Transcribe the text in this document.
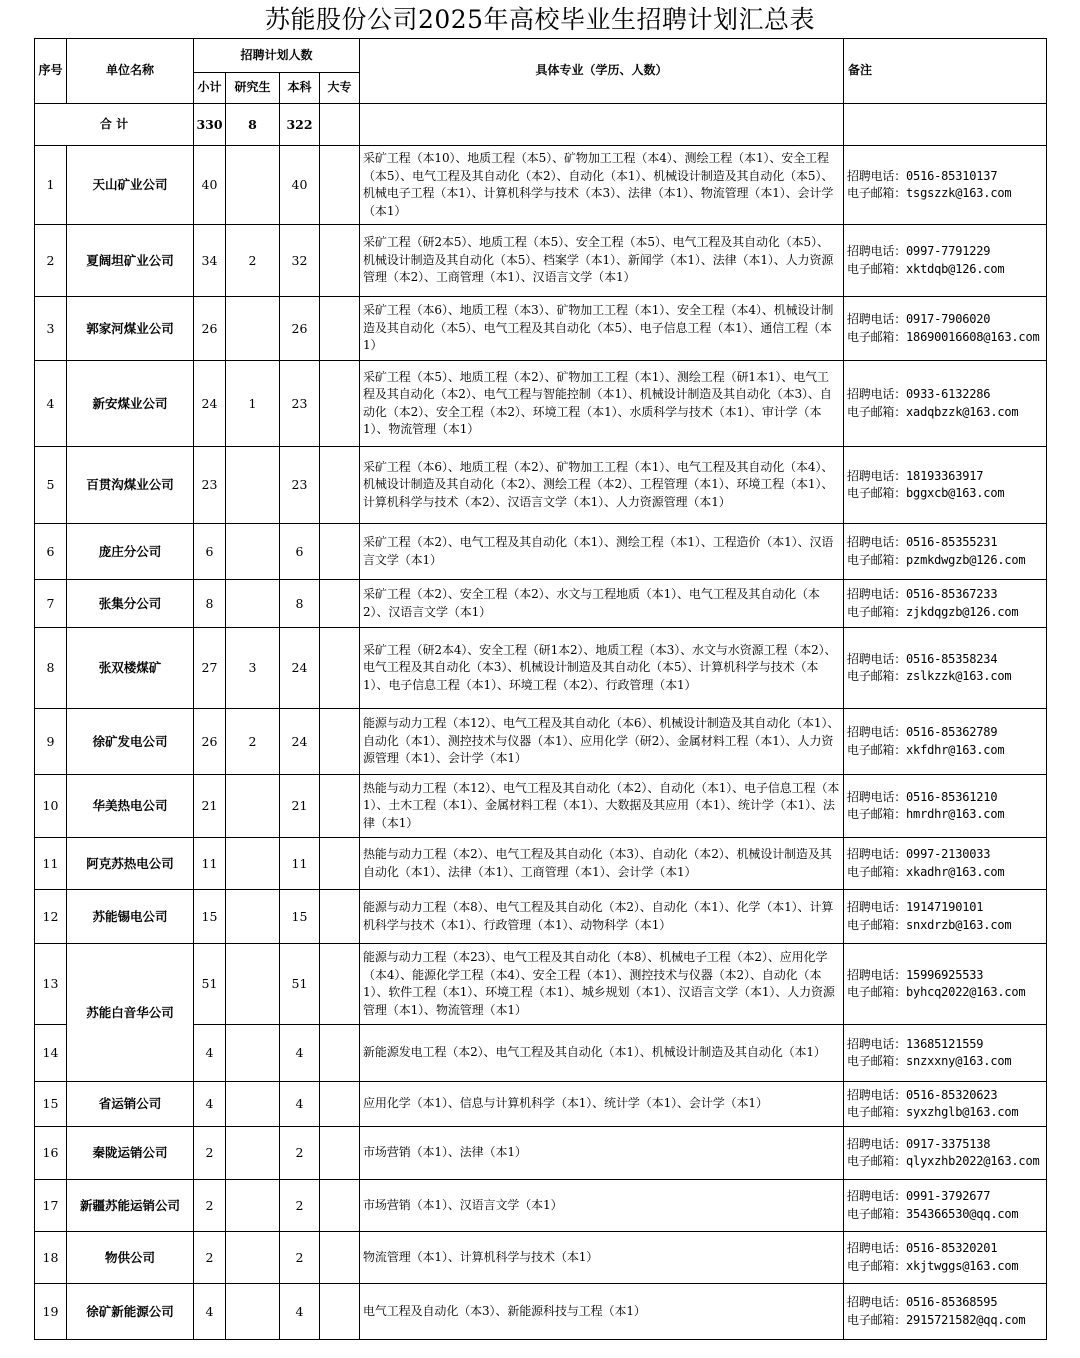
苏能股份公司2025年高校毕业生招聘计划汇总表
序号	单位名称	招聘计划人数				具体专业（学历、人数）	备注
		小计	研究生	本科	大专		
合 计		330	8	322			
1	天山矿业公司	40		40		采矿工程（本10）、地质工程（本5）、矿物加工工程（本4）、测绘工程（本1）、安全工程（本5）、电气工程及其自动化（本2）、自动化（本1）、机械设计制造及其自动化（本5）、机械电子工程（本1）、计算机科学与技术（本3）、法律（本1）、物流管理（本1）、会计学（本1）	招聘电话：0516-85310137
电子邮箱：tsgszzk@163.com

2	夏阔坦矿业公司	34	2	32		采矿工程（研2本5）、地质工程（本5）、安全工程（本5）、电气工程及其自动化（本5）、机械设计制造及其自动化（本5）、档案学（本1）、新闻学（本1）、法律（本1）、人力资源管理（本2）、工商管理（本1）、汉语言文学（本1）	招聘电话：0997-7791229
电子邮箱：xktdqb@126.com

3	郭家河煤业公司	26		26		采矿工程（本6）、地质工程（本3）、矿物加工工程（本1）、安全工程（本4）、机械设计制造及其自动化（本5）、电气工程及其自动化（本5）、电子信息工程（本1）、通信工程（本1）	招聘电话：0917-7906020
电子邮箱：18690016608@163.com

4	新安煤业公司	24	1	23		采矿工程（本5）、地质工程（本2）、矿物加工工程（本1）、测绘工程（研1本1）、电气工程及其自动化（本2）、电气工程与智能控制（本1）、机械设计制造及其自动化（本3）、自动化（本2）、安全工程（本2）、环境工程（本1）、水质科学与技术（本1）、审计学（本1）、物流管理（本1）	招聘电话：0933-6132286
电子邮箱：xadqbzzk@163.com

5	百贯沟煤业公司	23		23		采矿工程（本6）、地质工程（本2）、矿物加工工程（本1）、电气工程及其自动化（本4）、机械设计制造及其自动化（本2）、测绘工程（本2）、工程管理（本1）、环境工程（本1）、计算机科学与技术（本2）、汉语言文学（本1）、人力资源管理（本1）	招聘电话：18193363917
电子邮箱：bggxcb@163.com

6	庞庄分公司	6		6		采矿工程（本2）、电气工程及其自动化（本1）、测绘工程（本1）、工程造价（本1）、汉语言文学（本1）	招聘电话：0516-85355231
电子邮箱：pzmkdwgzb@126.com

7	张集分公司	8		8		采矿工程（本2）、安全工程（本2）、水文与工程地质（本1）、电气工程及其自动化（本2）、汉语言文学（本1）	招聘电话：0516-85367233
电子邮箱：zjkdqgzb@126.com

8	张双楼煤矿	27	3	24		采矿工程（研2本4）、安全工程（研1本2）、地质工程（本3）、水文与水资源工程（本2）、电气工程及其自动化（本3）、机械设计制造及其自动化（本5）、计算机科学与技术（本1）、电子信息工程（本1）、环境工程（本2）、行政管理（本1）	招聘电话：0516-85358234
电子邮箱：zslkzzk@163.com

9	徐矿发电公司	26	2	24		能源与动力工程（本12）、电气工程及其自动化（本6）、机械设计制造及其自动化（本1）、自动化（本1）、测控技术与仪器（本1）、应用化学（研2）、金属材料工程（本1）、人力资源管理（本1）、会计学（本1）	招聘电话：0516-85362789
电子邮箱：xkfdhr@163.com

10	华美热电公司	21		21		热能与动力工程（本12）、电气工程及其自动化（本2）、自动化（本1）、电子信息工程（本1）、土木工程（本1）、金属材料工程（本1）、大数据及其应用（本1）、统计学（本1）、法律（本1）	招聘电话：0516-85361210
电子邮箱：hmrdhr@163.com

11	阿克苏热电公司	11		11		热能与动力工程（本2）、电气工程及其自动化（本3）、自动化（本2）、机械设计制造及其自动化（本1）、法律（本1）、工商管理（本1）、会计学（本1）	招聘电话：0997-2130033
电子邮箱：xkadhr@163.com

12	苏能锡电公司	15		15		能源与动力工程（本8）、电气工程及其自动化（本2）、自动化（本1）、化学（本1）、计算机科学与技术（本1）、行政管理（本1）、动物科学（本1）	招聘电话：19147190101
电子邮箱：snxdrzb@163.com

13	苏能白音华公司	51		51		能源与动力工程（本23）、电气工程及其自动化（本8）、机械电子工程（本2）、应用化学（本4）、能源化学工程（本4）、安全工程（本1）、测控技术与仪器（本2）、自动化（本1）、软件工程（本1）、环境工程（本1）、城乡规划（本1）、汉语言文学（本1）、人力资源管理（本1）、物流管理（本1）	招聘电话：15996925533
电子邮箱：byhcq2022@163.com

14		4		4		新能源发电工程（本2）、电气工程及其自动化（本1）、机械设计制造及其自动化（本1）	招聘电话：13685121559
电子邮箱：snzxxny@163.com

15	省运销公司	4		4		应用化学（本1）、信息与计算机科学（本1）、统计学（本1）、会计学（本1）	招聘电话：0516-85320623
电子邮箱：syxzhglb@163.com

16	秦陇运销公司	2		2		市场营销（本1）、法律（本1）	招聘电话：0917-3375138
电子邮箱：qlyxzhb2022@163.com

17	新疆苏能运销公司	2		2		市场营销（本1）、汉语言文学（本1）	招聘电话：0991-3792677
电子邮箱：354366530@qq.com

18	物供公司	2		2		物流管理（本1）、计算机科学与技术（本1）	招聘电话：0516-85320201
电子邮箱：xkjtwggs@163.com

19	徐矿新能源公司	4		4		电气工程及自动化（本3）、新能源科技与工程（本1）	招聘电话：0516-85368595
电子邮箱：2915721582@qq.com
